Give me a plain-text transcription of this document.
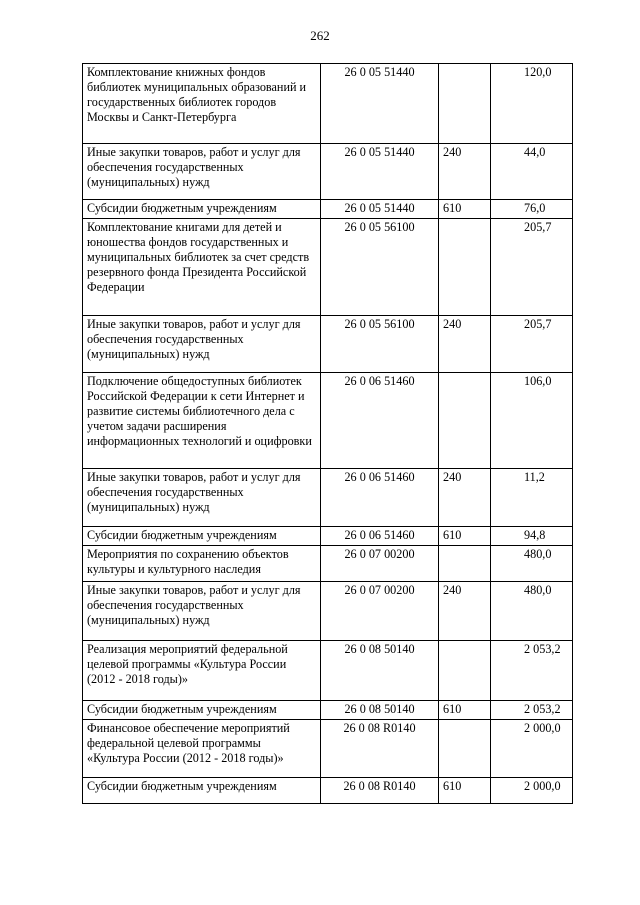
262
Комплектование книжных фондов библиотек муниципальных образований и государственных библиотек городов Москвы и Санкт-Петербурга	26 0 05 51440		120,0
Иные закупки товаров, работ и услуг для обеспечения государственных (муниципальных) нужд	26 0 05 51440	240	44,0
Субсидии бюджетным учреждениям	26 0 05 51440	610	76,0
Комплектование книгами для детей и юношества фондов государственных и муниципальных библиотек за счет средств резервного фонда Президента Российской Федерации	26 0 05 56100		205,7
Иные закупки товаров, работ и услуг для обеспечения государственных (муниципальных) нужд	26 0 05 56100	240	205,7
Подключение общедоступных библиотек Российской Федерации к сети Интернет и развитие системы библиотечного дела с учетом задачи расширения информационных технологий и оцифровки	26 0 06 51460		106,0
Иные закупки товаров, работ и услуг для обеспечения государственных (муниципальных) нужд	26 0 06 51460	240	11,2
Субсидии бюджетным учреждениям	26 0 06 51460	610	94,8
Мероприятия по сохранению объектов культуры и культурного наследия	26 0 07 00200		480,0
Иные закупки товаров, работ и услуг для обеспечения государственных (муниципальных) нужд	26 0 07 00200	240	480,0
Реализация мероприятий федеральной целевой программы «Культура России (2012 - 2018 годы)»	26 0 08 50140		2 053,2
Субсидии бюджетным учреждениям	26 0 08 50140	610	2 053,2
Финансовое обеспечение мероприятий федеральной целевой программы «Культура России (2012 - 2018 годы)»	26 0 08 R0140		2 000,0
Субсидии бюджетным учреждениям	26 0 08 R0140	610	2 000,0
